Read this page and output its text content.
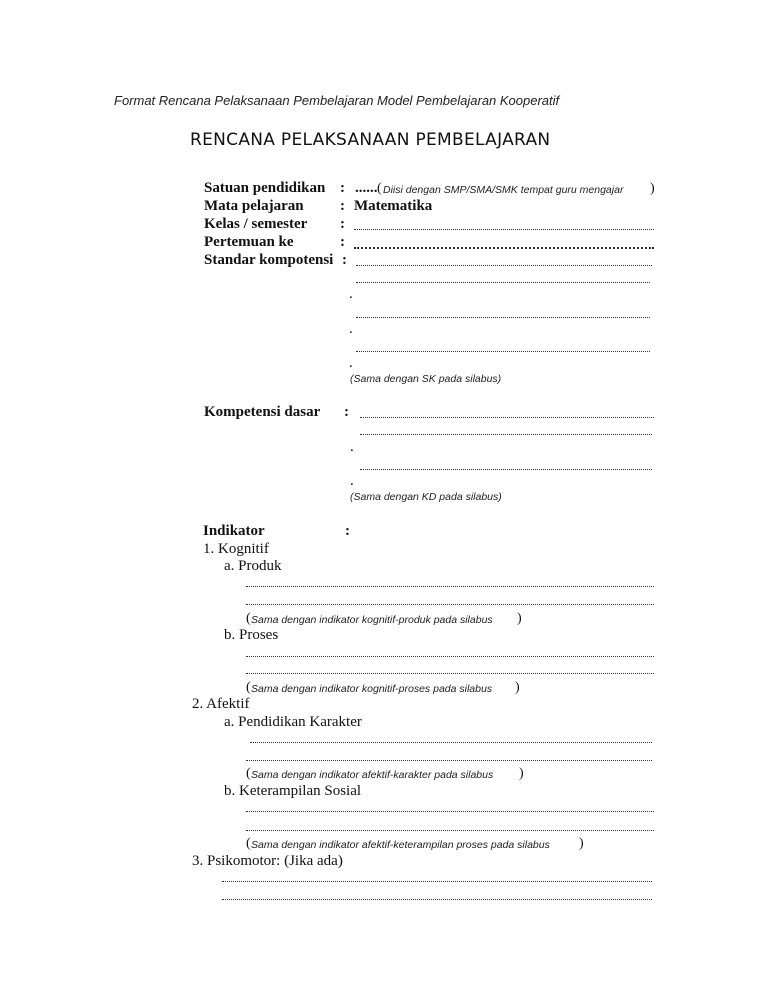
Format Rencana Pelaksanaan Pembelajaran Model Pembelajaran Kooperatif
RENCANA PELAKSANAAN PEMBELAJARAN
Satuan pendidikan : ...... ( Diisi dengan SMP/SMA/SMK tempat guru mengajar )
Mata pelajaran : Matematika
Kelas / semester :
Pertemuan ke	:
Standar kompotensi :
.
.
.
(Sama dengan SK pada silabus)
Kompetensi dasar :
.
.
(Sama dengan KD pada silabus)
Indikator	:
1. Kognitif
a. Produk
( Sama dengan indikator kognitif-produk pada silabus )
b. Proses
( Sama dengan indikator kognitif-proses pada silabus )
2. Afektif
a. Pendidikan Karakter
( Sama dengan indikator afektif-karakter pada silabus )
b. Keterampilan Sosial
( Sama dengan indikator afektif-keterampilan proses pada silabus )
3. Psikomotor: (Jika ada)
